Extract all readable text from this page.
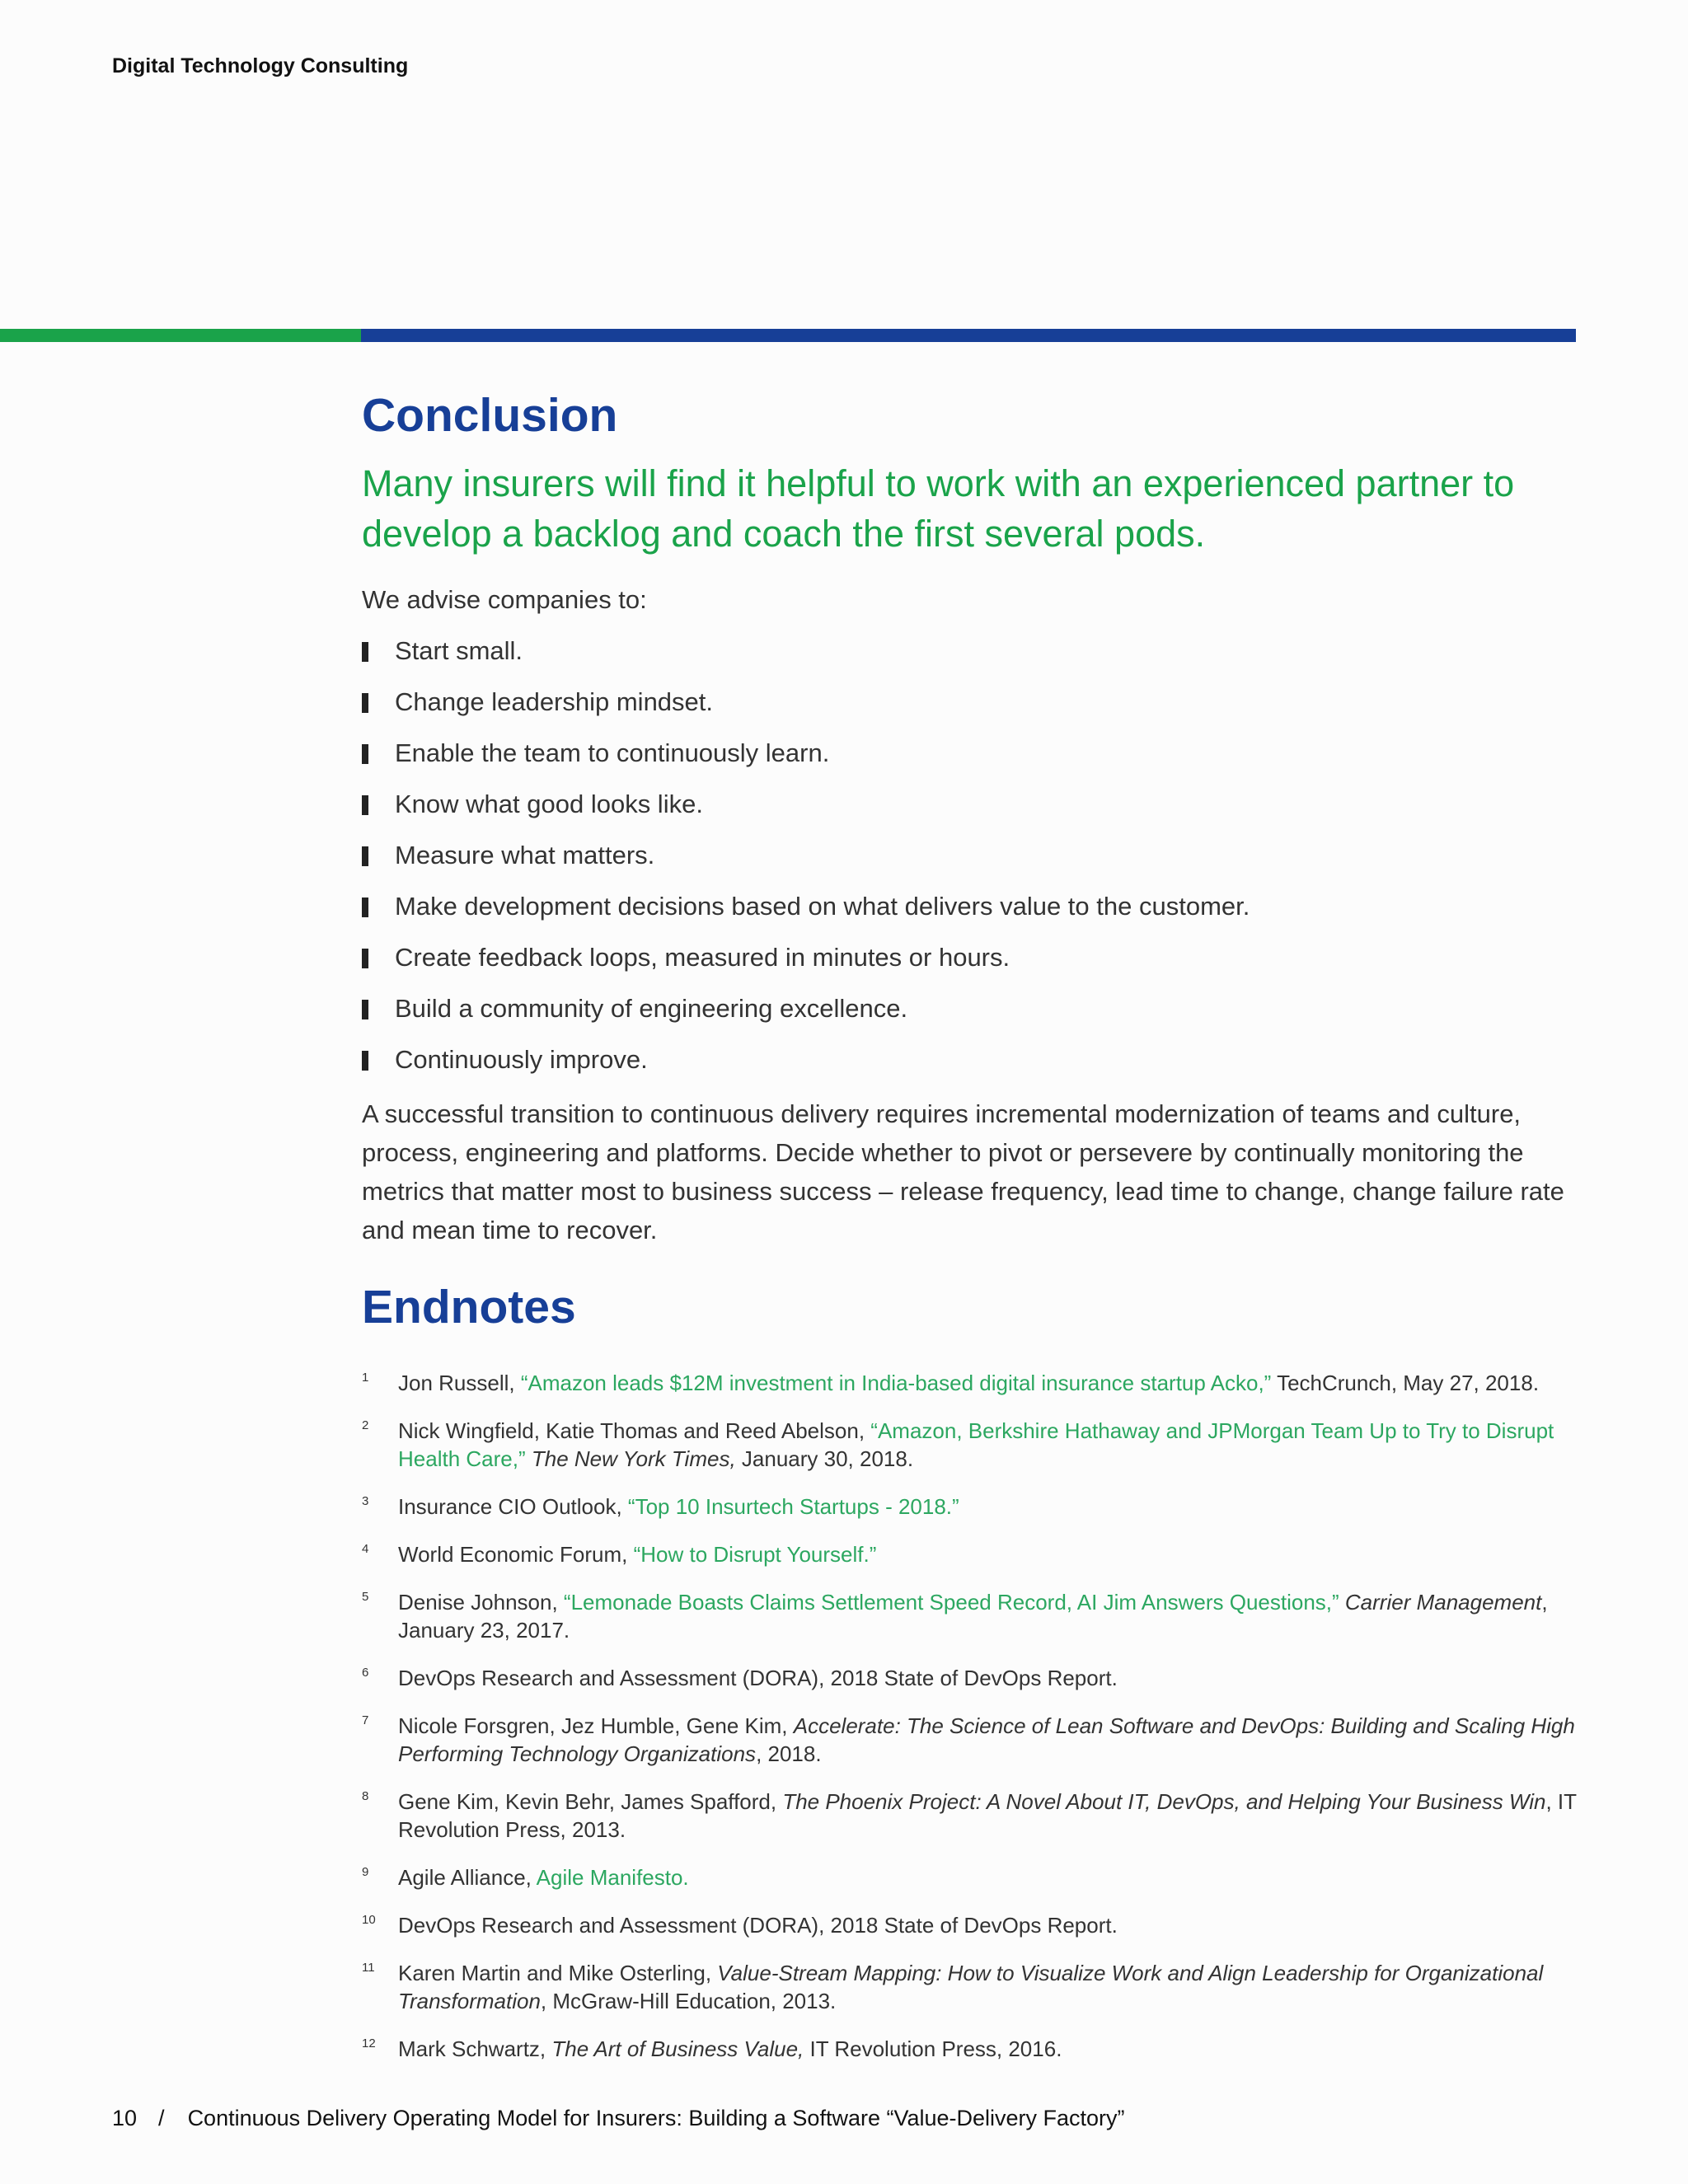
Digital Technology Consulting
Conclusion

Many insurers will find it helpful to work with an experienced partner to develop a backlog and coach the first several pods.

We advise companies to:

Start small.
Change leadership mindset.
Enable the team to continuously learn.
Know what good looks like.
Measure what matters.
Make development decisions based on what delivers value to the customer.
Create feedback loops, measured in minutes or hours.
Build a community of engineering excellence.
Continuously improve.

A successful transition to continuous delivery requires incremental modernization of teams and culture, process, engineering and platforms. Decide whether to pivot or persevere by continually monitoring the metrics that matter most to business success – release frequency, lead time to change, change failure rate and mean time to recover.

Endnotes
1 Jon Russell, “Amazon leads $12M investment in India-based digital insurance startup Acko,” TechCrunch, May 27, 2018.
2 Nick Wingfield, Katie Thomas and Reed Abelson, “Amazon, Berkshire Hathaway and JPMorgan Team Up to Try to Disrupt Health Care,” The New York Times, January 30, 2018.
3 Insurance CIO Outlook, “Top 10 Insurtech Startups - 2018.”
4 World Economic Forum, “How to Disrupt Yourself.”
5 Denise Johnson, “Lemonade Boasts Claims Settlement Speed Record, AI Jim Answers Questions,” Carrier Management, January 23, 2017.
6 DevOps Research and Assessment (DORA), 2018 State of DevOps Report.
7 Nicole Forsgren, Jez Humble, Gene Kim, Accelerate: The Science of Lean Software and DevOps: Building and Scaling High Performing Technology Organizations, 2018.
8 Gene Kim, Kevin Behr, James Spafford, The Phoenix Project: A Novel About IT, DevOps, and Helping Your Business Win, IT Revolution Press, 2013.
9 Agile Alliance, Agile Manifesto.
10 DevOps Research and Assessment (DORA), 2018 State of DevOps Report.
11 Karen Martin and Mike Osterling, Value-Stream Mapping: How to Visualize Work and Align Leadership for Organizational Transformation, McGraw-Hill Education, 2013.
12 Mark Schwartz, The Art of Business Value, IT Revolution Press, 2016.
10 / Continuous Delivery Operating Model for Insurers: Building a Software “Value-Delivery Factory”
